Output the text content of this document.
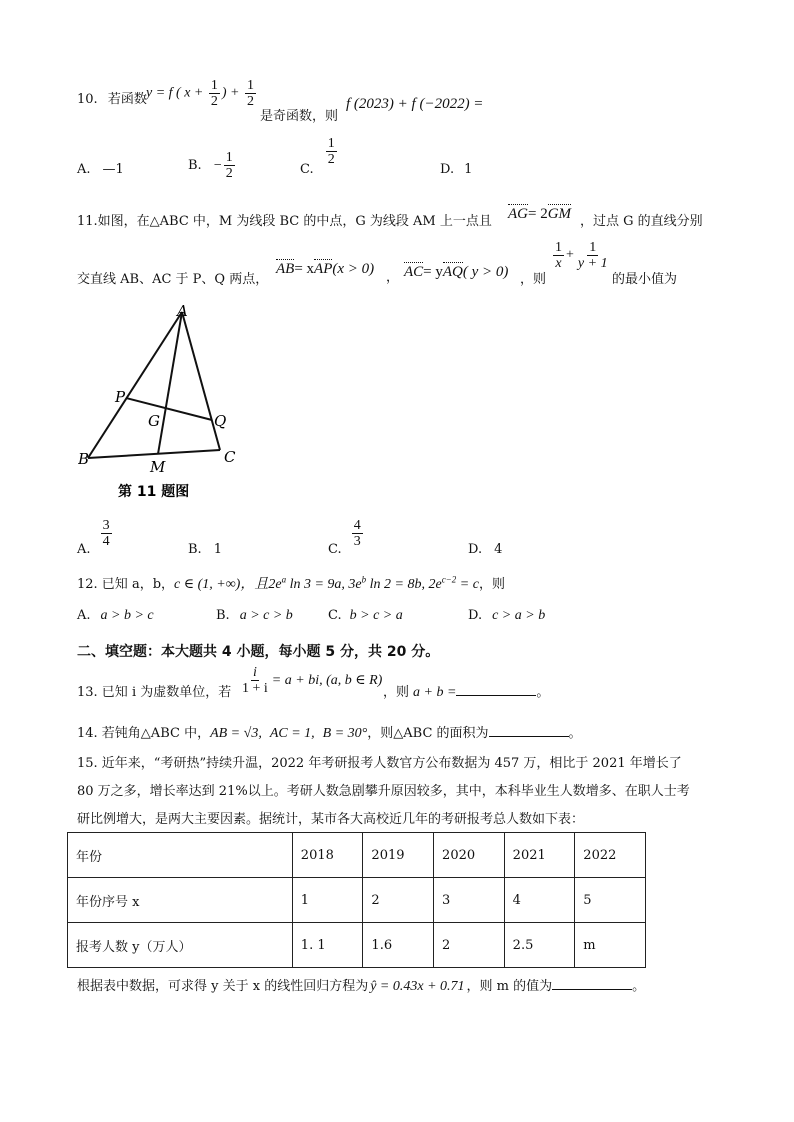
10. 若函数 y = f ( $x + \frac{1}{2}$ ) + $\frac{1}{2}$
是奇函数，则
f (2023) + f (−2022) =
A. —1	B. − $\frac{1}{2}$	C.
$\frac{1}{2}$
D. 1
11.如图，在△ABC 中，M 为线段 BC 的中点，G 为线段 AM 上一点且 AG= 2GM ，过点 G 的直线分别
交直线 AB、AC 于 P、Q 两点，
AB= xAP(x > 0)
， AC= yAQ( y > 0) ，则
$\frac{1}{x} + \frac{1}{y + 1}$
的最小值为
A
B	C
P
Q
G
M
第 11 题图
A.
$\frac{3}{4}$
B. 1	C.
$\frac{4}{3}$
D. 4
12. 已知 a，b，c ∈ (1, +∞)，且$2e^a$ ln 3 = 9a, $3e^b$ ln 2 = 8b, $2e^{c-2} = c$，则
A. a > b > c	B. a > c > b	C. b > c > a	D. c > a > b
二、填空题：本大题共 4 小题，每小题 5 分，共 20 分。
13. 已知 i 为虚数单位，若 $\frac{i}{1 + i} = a$ + bi, (a, b ∈ R)
，则 a + b =	。
14. 若钝角△ABC 中，AB = √3, AC = 1, B = 30°，则△ABC 的面积为	。
15. 近年来，“考研热”持续升温，2022 年考研报考人数官方公布数据为 457 万，相比于 2021 年增长了
80 万之多，增长率达到 21%以上。考研人数急剧攀升原因较多，其中，本科毕业生人数增多、在职人士考
研比例增大，是两大主要因素。据统计，某市各大高校近几年的考研报考总人数如下表：
年份	2018	2019	2020	2021	2022
年份序号 x	1	2	3	4	5
报考人数 y（万人）	1. 1	1.6	2	2.5	m
根据表中数据，可求得 y 关于 x 的线性回归方程为 ŷ = 0.43x + 0.71 ，则 m 的值为	。
